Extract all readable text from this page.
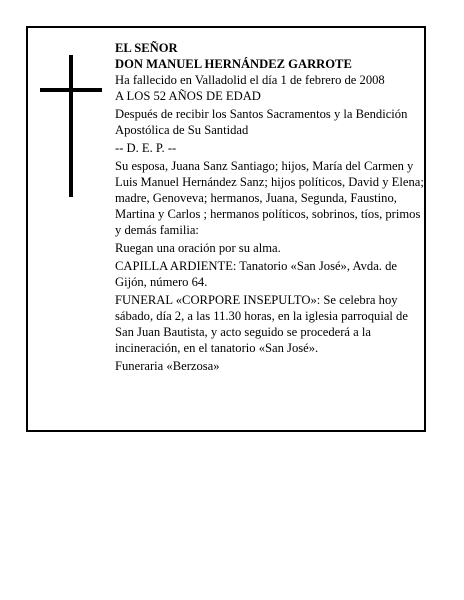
EL SEÑOR

DON MANUEL HERNÁNDEZ GARROTE

Ha fallecido en Valladolid el día 1 de febrero de 2008

A LOS 52 AÑOS DE EDAD

Después de recibir los Santos Sacramentos y la Bendición Apostólica de Su Santidad

-- D. E. P. --

Su esposa, Juana Sanz Santiago; hijos, María del Carmen y Luis Manuel Hernández Sanz; hijos políticos, David y Elena; madre, Genoveva; hermanos, Juana, Segunda, Faustino, Martina y Carlos ; hermanos políticos, sobrinos, tíos, primos y demás familia:

Ruegan una oración por su alma.

CAPILLA ARDIENTE: Tanatorio «San José», Avda. de Gijón, número 64.

FUNERAL «CORPORE INSEPULTO»: Se celebra hoy sábado, día 2, a las 11.30 horas, en la iglesia parroquial de San Juan Bautista, y acto seguido se procederá a la incineración, en el tanatorio «San José».

Funeraria «Berzosa»
